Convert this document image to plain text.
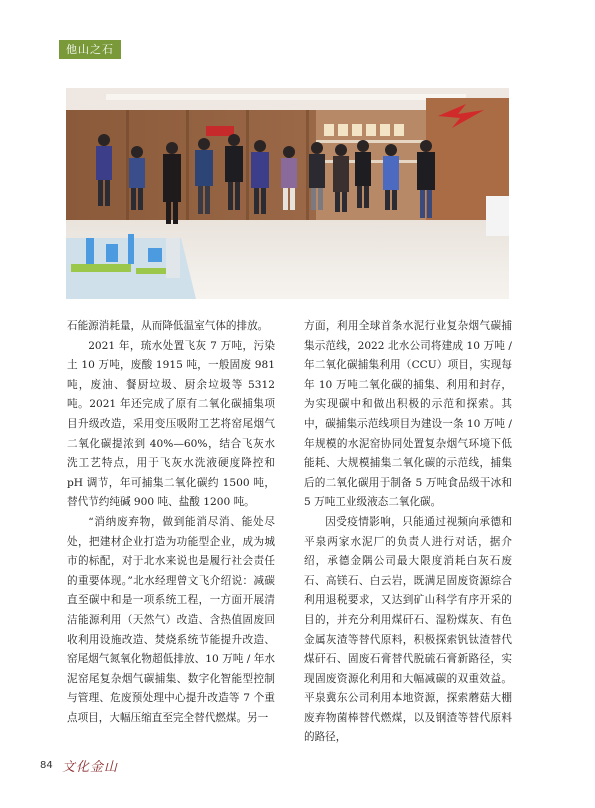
他山之石

石能源消耗量，从而降低温室气体的排放。

2021 年，琉水处置飞灰 7 万吨，污染土 10 万吨，废酸 1915 吨，一般固废 981 吨，废油、餐厨垃圾、厨余垃圾等 5312 吨。2021 年还完成了原有二氧化碳捕集项目升级改造，采用变压吸附工艺将窑尾烟气二氧化碳提浓到 40%—60%，结合飞灰水洗工艺特点，用于飞灰水洗液硬度降控和 pH 调节，年可捕集二氧化碳约 1500 吨，替代节约纯碱 900 吨、盐酸 1200 吨。

“消纳废弃物，做到能消尽消、能处尽处，把建材企业打造为功能型企业，成为城市的标配，对于北水来说也是履行社会责任的重要体现。”北水经理曾文飞介绍说：减碳直至碳中和是一项系统工程，一方面开展清洁能源利用（天然气）改造、含热值固废回收利用设施改造、焚烧系统节能提升改造、窑尾烟气氮氧化物超低排放、10 万吨 / 年水泥窑尾复杂烟气碳捕集、数字化智能型控制与管理、危废预处理中心提升改造等 7 个重点项目，大幅压缩直至完全替代燃煤。另一

方面，利用全球首条水泥行业复杂烟气碳捕集示范线，2022 北水公司将建成 10 万吨 / 年二氧化碳捕集利用（CCU）项目，实现每年 10 万吨二氧化碳的捕集、利用和封存，为实现碳中和做出积极的示范和探索。其中，碳捕集示范线项目为建设一条 10 万吨 / 年规模的水泥窑协同处置复杂烟气环境下低能耗、大规模捕集二氧化碳的示范线，捕集后的二氧化碳用于制备 5 万吨食品级干冰和 5 万吨工业级液态二氧化碳。

因受疫情影响，只能通过视频向承德和平泉两家水泥厂的负责人进行对话，据介绍，承德金隅公司最大限度消耗白灰石废石、高镁石、白云岩，既满足固废资源综合利用退税要求，又达到矿山科学有序开采的目的，并充分利用煤矸石、湿粉煤灰、有色金属灰渣等替代原料，积极探索钒钛渣替代煤矸石、固废石膏替代脱硫石膏新路径，实现固废资源化利用和大幅减碳的双重效益。平泉冀东公司利用本地资源，探索蘑菇大棚废弃物菌棒替代燃煤，以及钢渣等替代原料的路径，

84 文化金山
